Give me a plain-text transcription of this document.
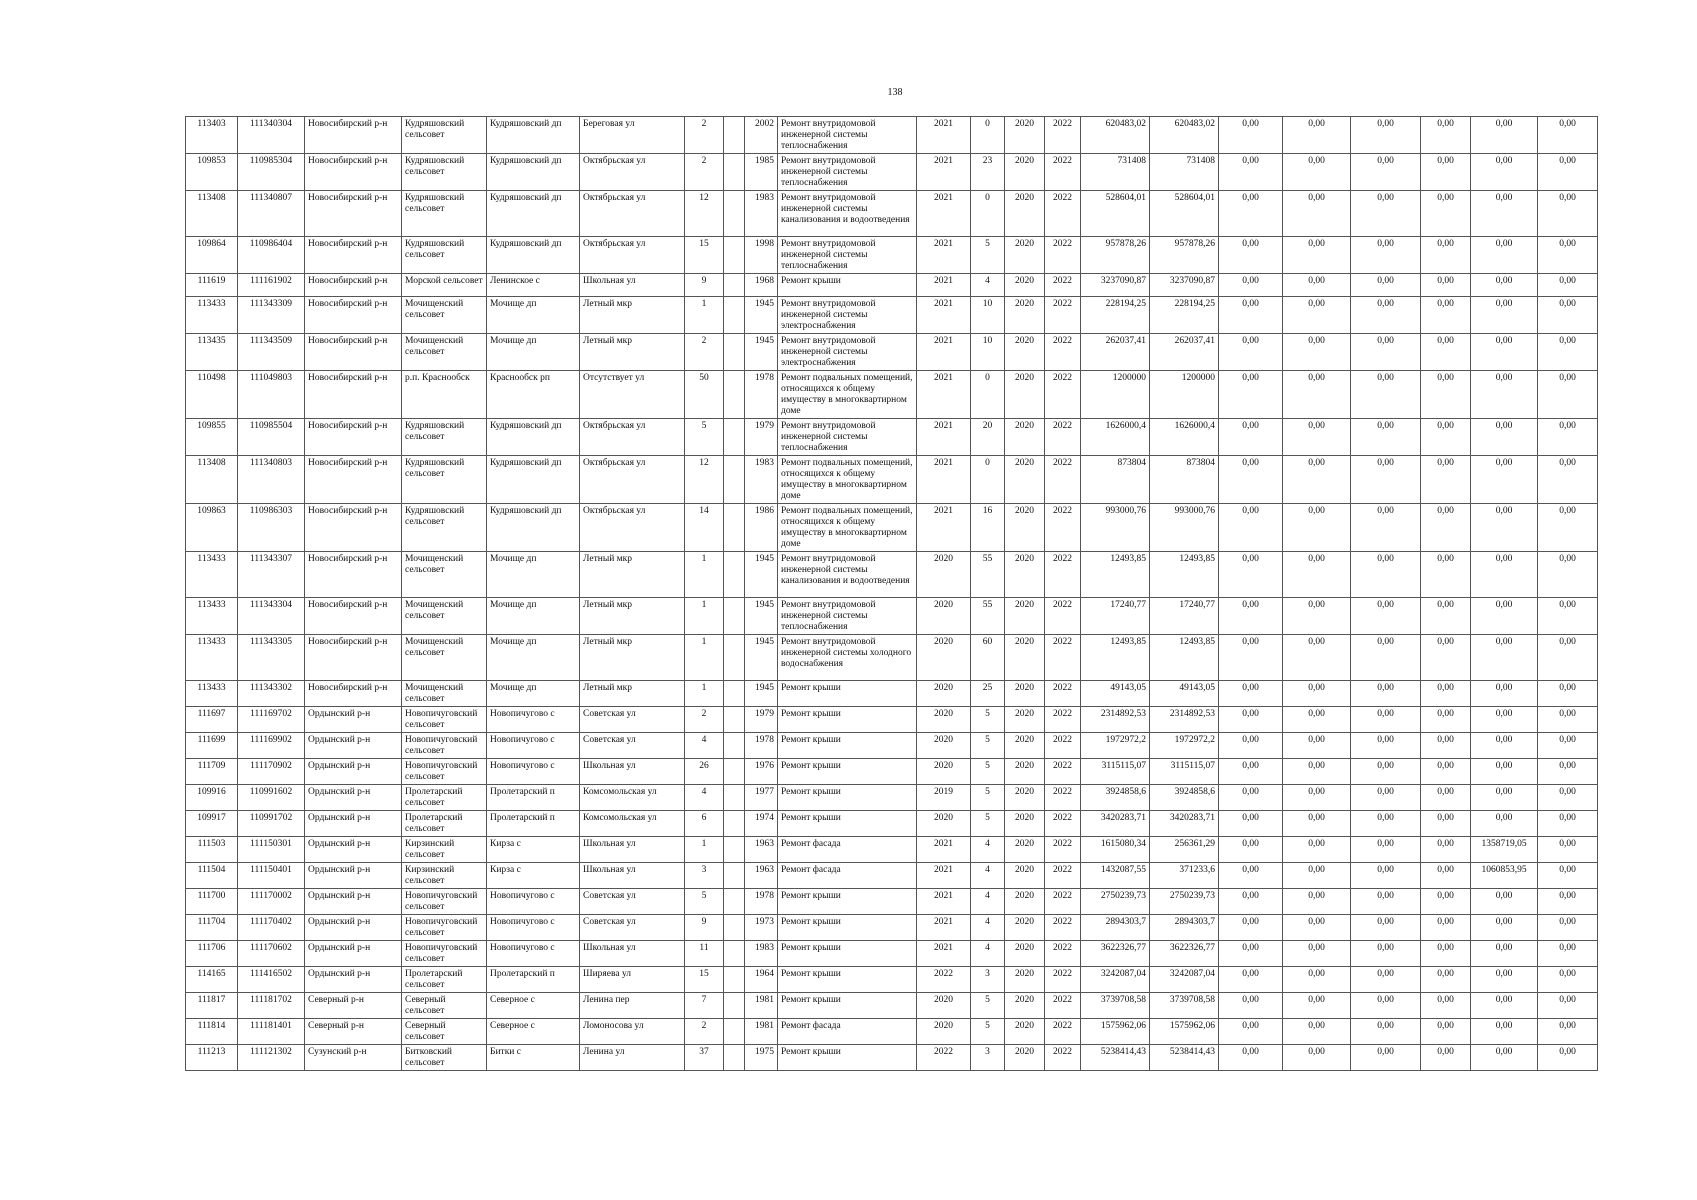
138
113403	111340304	Новосибирский р-н	Кудряшовский сельсовет	Кудряшовский дп	Береговая ул	2		2002	Ремонт внутридомовой инженерной системы теплоснабжения	2021	0	2020	2022	620483,02	620483,02	0,00	0,00	0,00	0,00	0,00	0,00
109853	110985304	Новосибирский р-н	Кудряшовский сельсовет	Кудряшовский дп	Октябрьская ул	2		1985	Ремонт внутридомовой инженерной системы теплоснабжения	2021	23	2020	2022	731408	731408	0,00	0,00	0,00	0,00	0,00	0,00
113408	111340807	Новосибирский р-н	Кудряшовский сельсовет	Кудряшовский дп	Октябрьская ул	12		1983	Ремонт внутридомовой инженерной системы канализования и водоотведения	2021	0	2020	2022	528604,01	528604,01	0,00	0,00	0,00	0,00	0,00	0,00
109864	110986404	Новосибирский р-н	Кудряшовский сельсовет	Кудряшовский дп	Октябрьская ул	15		1998	Ремонт внутридомовой инженерной системы теплоснабжения	2021	5	2020	2022	957878,26	957878,26	0,00	0,00	0,00	0,00	0,00	0,00
111619	111161902	Новосибирский р-н	Морской сельсовет	Ленинское с	Школьная ул	9		1968	Ремонт крыши	2021	4	2020	2022	3237090,87	3237090,87	0,00	0,00	0,00	0,00	0,00	0,00
113433	111343309	Новосибирский р-н	Мочищенский сельсовет	Мочище дп	Летный мкр	1		1945	Ремонт внутридомовой инженерной системы электроснабжения	2021	10	2020	2022	228194,25	228194,25	0,00	0,00	0,00	0,00	0,00	0,00
113435	111343509	Новосибирский р-н	Мочищенский сельсовет	Мочище дп	Летный мкр	2		1945	Ремонт внутридомовой инженерной системы электроснабжения	2021	10	2020	2022	262037,41	262037,41	0,00	0,00	0,00	0,00	0,00	0,00
110498	111049803	Новосибирский р-н	р.п. Краснообск	Краснообск рп	Отсутствует ул	50		1978	Ремонт подвальных помещений, относящихся к общему имуществу в многоквартирном доме	2021	0	2020	2022	1200000	1200000	0,00	0,00	0,00	0,00	0,00	0,00
109855	110985504	Новосибирский р-н	Кудряшовский сельсовет	Кудряшовский дп	Октябрьская ул	5		1979	Ремонт внутридомовой инженерной системы теплоснабжения	2021	20	2020	2022	1626000,4	1626000,4	0,00	0,00	0,00	0,00	0,00	0,00
113408	111340803	Новосибирский р-н	Кудряшовский сельсовет	Кудряшовский дп	Октябрьская ул	12		1983	Ремонт подвальных помещений, относящихся к общему имуществу в многоквартирном доме	2021	0	2020	2022	873804	873804	0,00	0,00	0,00	0,00	0,00	0,00
109863	110986303	Новосибирский р-н	Кудряшовский сельсовет	Кудряшовский дп	Октябрьская ул	14		1986	Ремонт подвальных помещений, относящихся к общему имуществу в многоквартирном доме	2021	16	2020	2022	993000,76	993000,76	0,00	0,00	0,00	0,00	0,00	0,00
113433	111343307	Новосибирский р-н	Мочищенский сельсовет	Мочище дп	Летный мкр	1		1945	Ремонт внутридомовой инженерной системы канализования и водоотведения	2020	55	2020	2022	12493,85	12493,85	0,00	0,00	0,00	0,00	0,00	0,00
113433	111343304	Новосибирский р-н	Мочищенский сельсовет	Мочище дп	Летный мкр	1		1945	Ремонт внутридомовой инженерной системы теплоснабжения	2020	55	2020	2022	17240,77	17240,77	0,00	0,00	0,00	0,00	0,00	0,00
113433	111343305	Новосибирский р-н	Мочищенский сельсовет	Мочище дп	Летный мкр	1		1945	Ремонт внутридомовой инженерной системы холодного водоснабжения	2020	60	2020	2022	12493,85	12493,85	0,00	0,00	0,00	0,00	0,00	0,00
113433	111343302	Новосибирский р-н	Мочищенский сельсовет	Мочище дп	Летный мкр	1		1945	Ремонт крыши	2020	25	2020	2022	49143,05	49143,05	0,00	0,00	0,00	0,00	0,00	0,00
111697	111169702	Ордынский р-н	Новопичуговский сельсовет	Новопичугово с	Советская ул	2		1979	Ремонт крыши	2020	5	2020	2022	2314892,53	2314892,53	0,00	0,00	0,00	0,00	0,00	0,00
111699	111169902	Ордынский р-н	Новопичуговский сельсовет	Новопичугово с	Советская ул	4		1978	Ремонт крыши	2020	5	2020	2022	1972972,2	1972972,2	0,00	0,00	0,00	0,00	0,00	0,00
111709	111170902	Ордынский р-н	Новопичуговский сельсовет	Новопичугово с	Школьная ул	26		1976	Ремонт крыши	2020	5	2020	2022	3115115,07	3115115,07	0,00	0,00	0,00	0,00	0,00	0,00
109916	110991602	Ордынский р-н	Пролетарский сельсовет	Пролетарский п	Комсомольская ул	4		1977	Ремонт крыши	2019	5	2020	2022	3924858,6	3924858,6	0,00	0,00	0,00	0,00	0,00	0,00
109917	110991702	Ордынский р-н	Пролетарский сельсовет	Пролетарский п	Комсомольская ул	6		1974	Ремонт крыши	2020	5	2020	2022	3420283,71	3420283,71	0,00	0,00	0,00	0,00	0,00	0,00
111503	111150301	Ордынский р-н	Кирзинский сельсовет	Кирза с	Школьная ул	1		1963	Ремонт фасада	2021	4	2020	2022	1615080,34	256361,29	0,00	0,00	0,00	0,00	1358719,05	0,00
111504	111150401	Ордынский р-н	Кирзинский сельсовет	Кирза с	Школьная ул	3		1963	Ремонт фасада	2021	4	2020	2022	1432087,55	371233,6	0,00	0,00	0,00	0,00	1060853,95	0,00
111700	111170002	Ордынский р-н	Новопичуговский сельсовет	Новопичугово с	Советская ул	5		1978	Ремонт крыши	2021	4	2020	2022	2750239,73	2750239,73	0,00	0,00	0,00	0,00	0,00	0,00
111704	111170402	Ордынский р-н	Новопичуговский сельсовет	Новопичугово с	Советская ул	9		1973	Ремонт крыши	2021	4	2020	2022	2894303,7	2894303,7	0,00	0,00	0,00	0,00	0,00	0,00
111706	111170602	Ордынский р-н	Новопичуговский сельсовет	Новопичугово с	Школьная ул	11		1983	Ремонт крыши	2021	4	2020	2022	3622326,77	3622326,77	0,00	0,00	0,00	0,00	0,00	0,00
114165	111416502	Ордынский р-н	Пролетарский сельсовет	Пролетарский п	Ширяева ул	15		1964	Ремонт крыши	2022	3	2020	2022	3242087,04	3242087,04	0,00	0,00	0,00	0,00	0,00	0,00
111817	111181702	Северный р-н	Северный сельсовет	Северное с	Ленина пер	7		1981	Ремонт крыши	2020	5	2020	2022	3739708,58	3739708,58	0,00	0,00	0,00	0,00	0,00	0,00
111814	111181401	Северный р-н	Северный сельсовет	Северное с	Ломоносова ул	2		1981	Ремонт фасада	2020	5	2020	2022	1575962,06	1575962,06	0,00	0,00	0,00	0,00	0,00	0,00
111213	111121302	Сузунский р-н	Битковский сельсовет	Битки с	Ленина ул	37		1975	Ремонт крыши	2022	3	2020	2022	5238414,43	5238414,43	0,00	0,00	0,00	0,00	0,00	0,00
